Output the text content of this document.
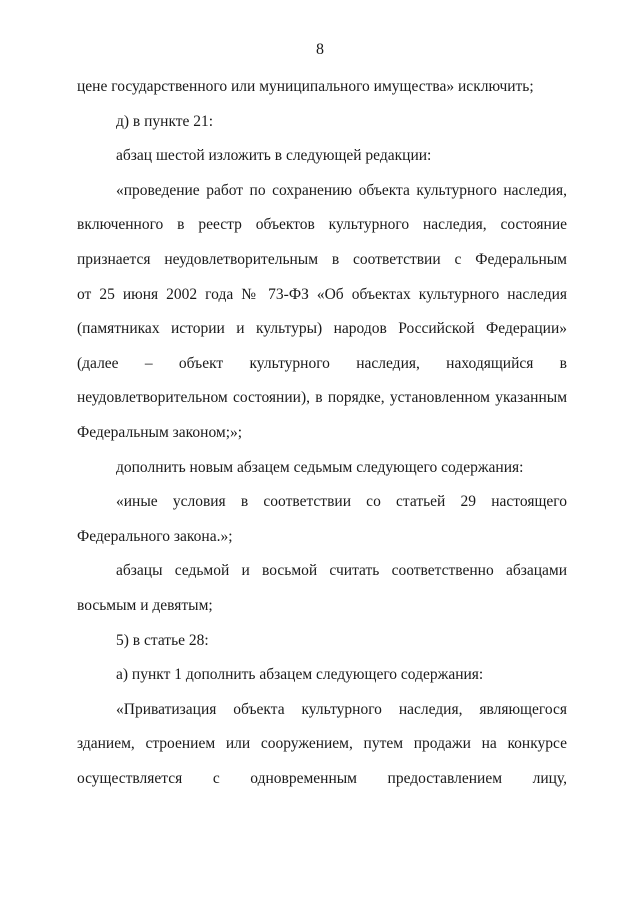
8
цене государственного или муниципального имущества» исключить;
д) в пункте 21:
абзац шестой изложить в следующей редакции:
«проведение работ по сохранению объекта культурного наследия,
включенного в реестр объектов культурного наследия, состояние
признается неудовлетворительным в соответствии с Федеральным
от 25 июня 2002 года № 73-ФЗ «Об объектах культурного наследия
(памятниках истории и культуры) народов Российской Федерации»
(далее – объект культурного наследия, находящийся в
неудовлетворительном состоянии), в порядке, установленном указанным
Федеральным законом;»;
дополнить новым абзацем седьмым следующего содержания:
«иные условия в соответствии со статьей 29 настоящего
Федерального закона.»;
абзацы седьмой и восьмой считать соответственно абзацами
восьмым и девятым;
5) в статье 28:
а) пункт 1 дополнить абзацем следующего содержания:
«Приватизация объекта культурного наследия, являющегося
зданием, строением или сооружением, путем продажи на конкурсе
осуществляется с одновременным предоставлением лицу,
